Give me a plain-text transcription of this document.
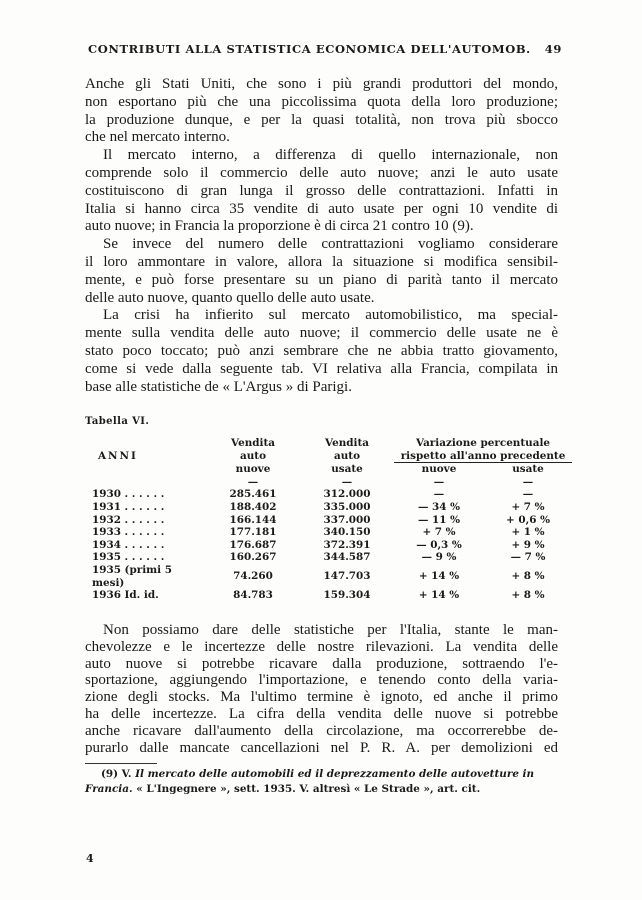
CONTRIBUTI ALLA STATISTICA ECONOMICA DELL'AUTOMOB. 49
Anche gli Stati Uniti, che sono i più grandi produttori del mondo,
non esportano più che una piccolissima quota della loro produzione;
la produzione dunque, e per la quasi totalità, non trova più sbocco
che nel mercato interno.
Il mercato interno, a differenza di quello internazionale, non
comprende solo il commercio delle auto nuove; anzi le auto usate
costituiscono di gran lunga il grosso delle contrattazioni. Infatti in
Italia si hanno circa 35 vendite di auto usate per ogni 10 vendite di
auto nuove; in Francia la proporzione è di circa 21 contro 10 (9).
Se invece del numero delle contrattazioni vogliamo considerare
il loro ammontare in valore, allora la situazione si modifica sensibil-
mente, e può forse presentare su un piano di parità tanto il mercato
delle auto nuove, quanto quello delle auto usate.
La crisi ha infierito sul mercato automobilistico, ma special-
mente sulla vendita delle auto nuove; il commercio delle usate ne è
stato poco toccato; può anzi sembrare che ne abbia tratto giovamento,
come si vede dalla seguente tab. VI relativa alla Francia, compilata in
base alle statistiche de « L'Argus » di Parigi.
Tabella VI.
ANNI	Vendita	Vendita	Variazione percentuale	
	auto	auto	rispetto all'anno precedente	
	nuove	usate	nuove	usate
	—	—	—	—
1930 . . . . . .	285.461	312.000	—	—
1931 . . . . . .	188.402	335.000	— 34 %	+ 7 %
1932 . . . . . .	166.144	337.000	— 11 %	+ 0,6 %
1933 . . . . . .	177.181	340.150	+ 7 %	+ 1 %
1934 . . . . . .	176.687	372.391	— 0,3 %	+ 9 %
1935 . . . . . .	160.267	344.587	— 9 %	— 7 %
1935 (primi 5 mesi)	74.260	147.703	+ 14 %	+ 8 %
1936 Id. id.	84.783	159.304	+ 14 %	+ 8 %
Non possiamo dare delle statistiche per l'Italia, stante le man-
chevolezze e le incertezze delle nostre rilevazioni. La vendita delle
auto nuove si potrebbe ricavare dalla produzione, sottraendo l'e-
sportazione, aggiungendo l'importazione, e tenendo conto della varia-
zione degli stocks. Ma l'ultimo termine è ignoto, ed anche il primo
ha delle incertezze. La cifra della vendita delle nuove si potrebbe
anche ricavare dall'aumento della circolazione, ma occorrerebbe de-
purarlo dalle mancate cancellazioni nel P. R. A. per demolizioni ed
(9) V. Il mercato delle automobili ed il deprezzamento delle autovetture in Francia. « L'Ingegnere », sett. 1935. V. altresì « Le Strade », art. cit.
4
